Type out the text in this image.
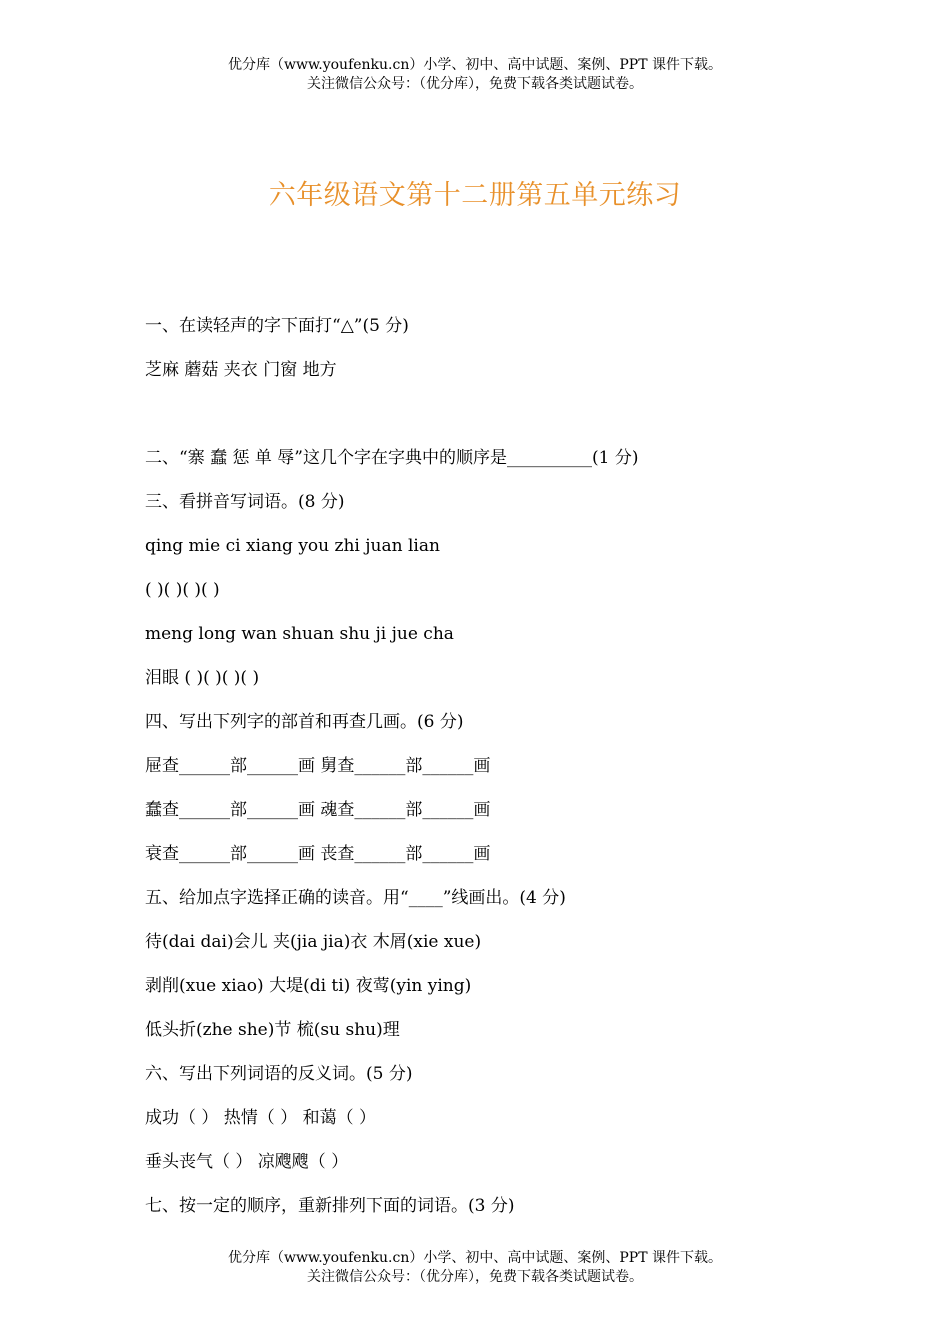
优分库（www.youfenku.cn）小学、初中、高中试题、案例、PPT 课件下载。
关注微信公众号：（优分库），免费下载各类试题试卷。
六年级语文第十二册第五单元练习
一、在读轻声的字下面打“△”(5 分)
芝麻 蘑菇 夹衣 门窗 地方
二、“寨 蠢 惩 单 辱”这几个字在字典中的顺序是__________(1 分)
三、看拼音写词语。(8 分)
qing mie ci xiang you zhi juan lian
( )( )( )( )
meng long wan shuan shu ji jue cha
泪眼 ( )( )( )( )
四、写出下列字的部首和再查几画。(6 分)
屉查______部______画 舅查______部______画
蠢查______部______画 魂查______部______画
衰查______部______画 丧查______部______画
五、给加点字选择正确的读音。用“____”线画出。(4 分)
待(dai dai)会儿 夹(jia jia)衣 木屑(xie xue)
剥削(xue xiao) 大堤(di ti) 夜莺(yin ying)
低头折(zhe she)节 梳(su shu)理
六、写出下列词语的反义词。(5 分)
成功（ ） 热情（ ） 和蔼（ ）
垂头丧气（ ） 凉飕飕（ ）
七、按一定的顺序，重新排列下面的词语。(3 分)
优分库（www.youfenku.cn）小学、初中、高中试题、案例、PPT 课件下载。
关注微信公众号：（优分库），免费下载各类试题试卷。
